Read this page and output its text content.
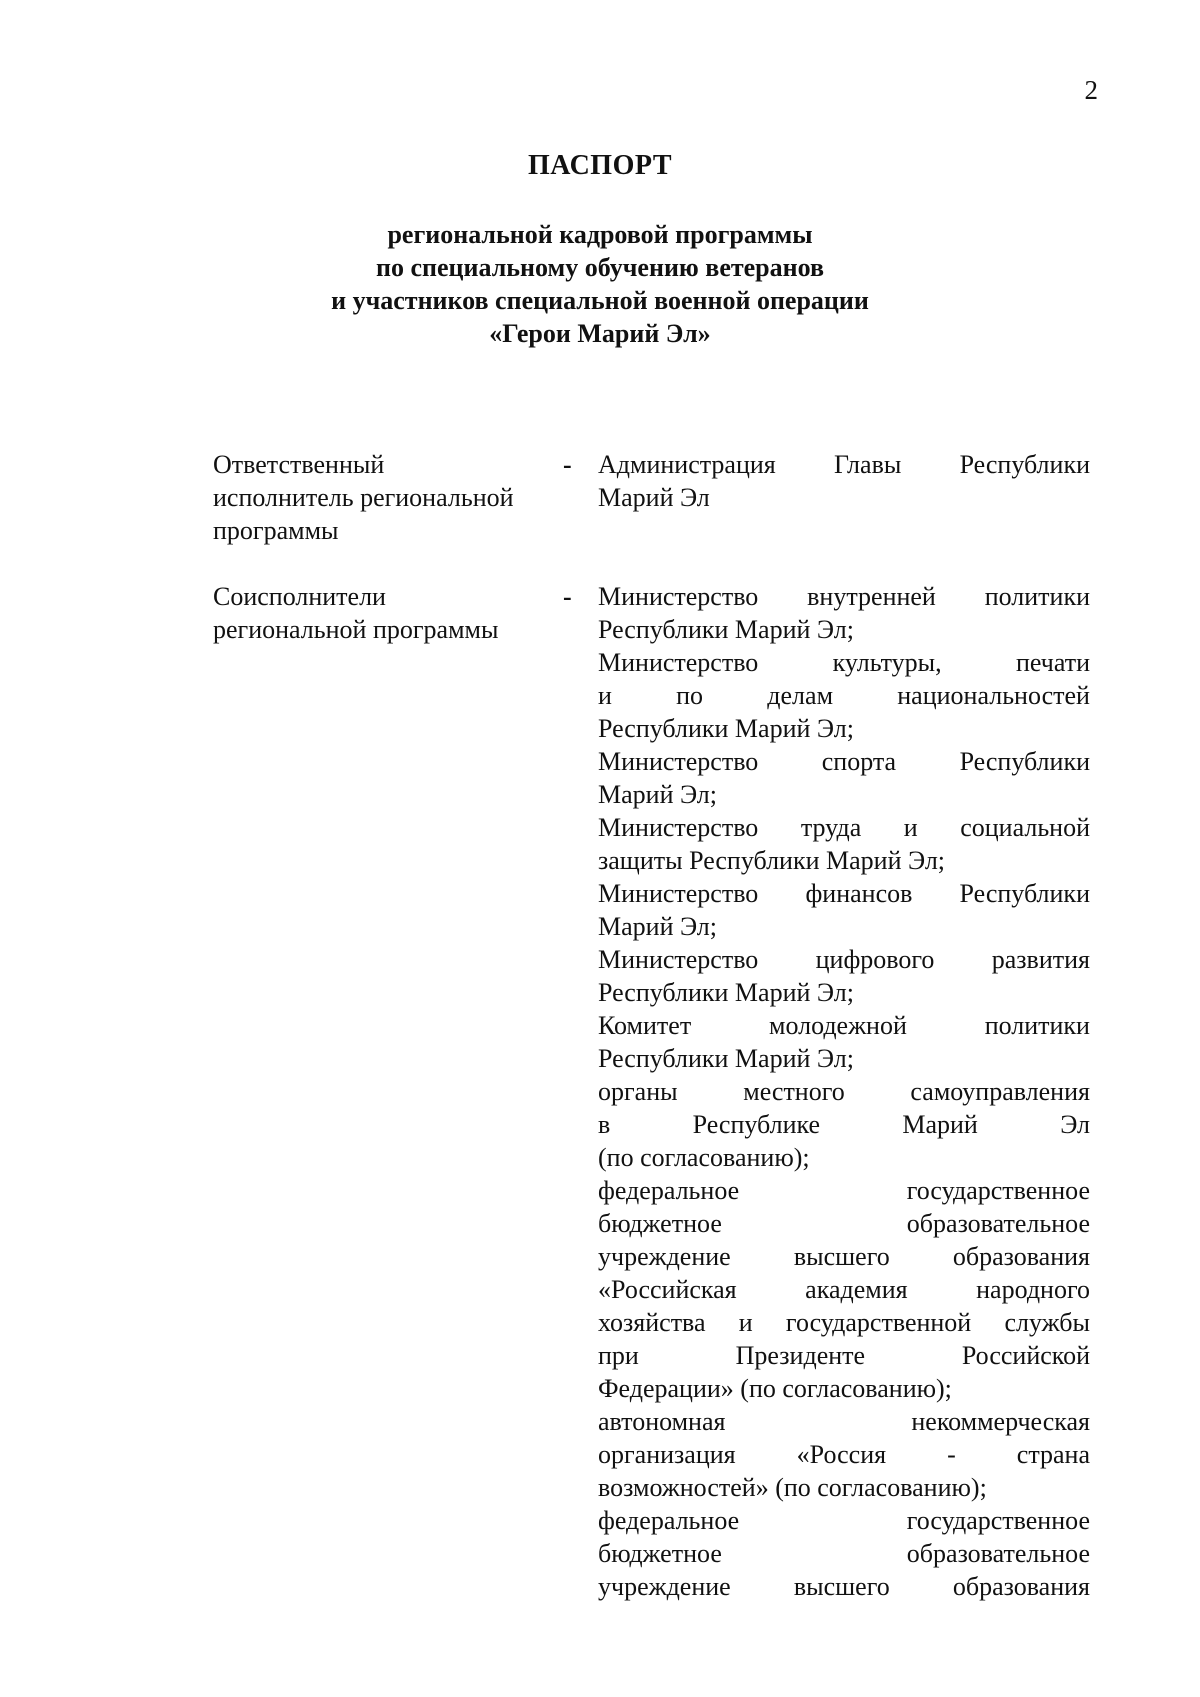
2
ПАСПОРТ
региональной кадровой программы
по специальному обучению ветеранов
и участников специальной военной операции
«Герои Марий Эл»
Ответственный
исполнитель региональной
программы
- Администрация Главы Республики
Марий Эл
Соисполнители
региональной программы
- Министерство внутренней политики
Республики Марий Эл;
Министерство	культуры,	печати
и по делам национальностей
Республики Марий Эл;
Министерство спорта Республики
Марий Эл;
Министерство труда и социальной
защиты Республики Марий Эл;
Министерство финансов Республики
Марий Эл;
Министерство цифрового развития
Республики Марий Эл;
Комитет	молодежной	политики
Республики Марий Эл;
органы	местного	самоуправления
в	Республике	Марий	Эл
(по согласованию);
федеральное	государственное
бюджетное	образовательное
учреждение высшего образования
«Российская	академия	народного
хозяйства и государственной службы
при	Президенте	Российской
Федерации» (по согласованию);
автономная	некоммерческая
организация «Россия - страна
возможностей» (по согласованию);
федеральное	государственное
бюджетное	образовательное
учреждение высшего образования
